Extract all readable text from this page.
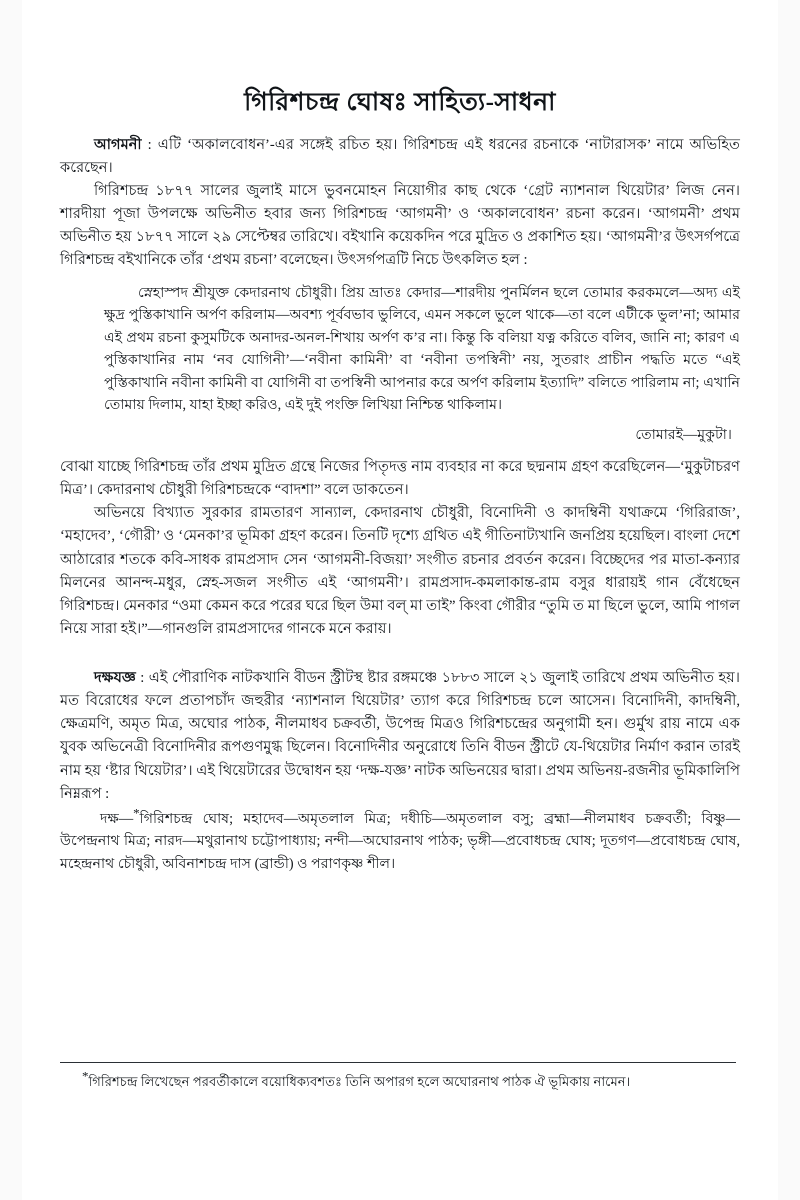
গিরিশচন্দ্র ঘোষঃ সাহিত্য-সাধনা

আগমনী : এটি ‘অকালবোধন’-এর সঙ্গেই রচিত হয়। গিরিশচন্দ্র এই ধরনের রচনাকে ‘নাটারাসক’ নামে অভিহিত করেছেন।

গিরিশচন্দ্র ১৮৭৭ সালের জুলাই মাসে ভুবনমোহন নিয়োগীর কাছ থেকে ‘গ্রেট ন্যাশনাল থিয়েটার’ লিজ নেন। শারদীয়া পূজা উপলক্ষে অভিনীত হবার জন্য গিরিশচন্দ্র ‘আগমনী’ ও ‘অকালবোধন’ রচনা করেন। ‘আগমনী’ প্রথম অভিনীত হয় ১৮৭৭ সালে ২৯ সেপ্টেম্বর তারিখে। বইখানি কয়েকদিন পরে মুদ্রিত ও প্রকাশিত হয়। ‘আগমনী’র উৎসর্গপত্রে গিরিশচন্দ্র বইখানিকে তাঁর ‘প্রথম রচনা’ বলেছেন। উৎসর্গপত্রটি নিচে উৎকলিত হল :

স্নেহাস্পদ শ্রীযুক্ত কেদারনাথ চৌধুরী। প্রিয় ভ্রাতঃ কেদার—শারদীয় পুনর্মিলন ছলে তোমার করকমলে—অদ্য এই ক্ষুদ্র পুস্তিকাখানি অর্পণ করিলাম—অবশ্য পূর্ববভাব ভুলিবে, এমন সকলে ভুলে থাকে—তা বলে এটীকে ভুল’না; আমার এই প্রথম রচনা কুসুমটিকে অনাদর-অনল-শিখায় অর্পণ ক’র না। কিন্তু কি বলিয়া যত্ন করিতে বলিব, জানি না; কারণ এ পুস্তিকাখানির নাম ‘নব যোগিনী’—‘নবীনা কামিনী’ বা ‘নবীনা তপস্বিনী’ নয়, সুতরাং প্রাচীন পদ্ধতি মতে “এই পুস্তিকাখানি নবীনা কামিনী বা যোগিনী বা তপস্বিনী আপনার করে অর্পণ করিলাম ইত্যাদি” বলিতে পারিলাম না; এখানি তোমায় দিলাম, যাহা ইচ্ছা করিও, এই দুই পংক্তি লিখিয়া নিশ্চিন্ত থাকিলাম।

তোমারই—মুকুটা।

বোঝা যাচ্ছে গিরিশচন্দ্র তাঁর প্রথম মুদ্রিত গ্রন্থে নিজের পিতৃদত্ত নাম ব্যবহার না করে ছদ্মনাম গ্রহণ করেছিলেন—‘মুকুটাচরণ মিত্র’। কেদারনাথ চৌধুরী গিরিশচন্দ্রকে “বাদশা” বলে ডাকতেন।

অভিনয়ে বিখ্যাত সুরকার রামতারণ সান্যাল, কেদারনাথ চৌধুরী, বিনোদিনী ও কাদম্বিনী যথাক্রমে ‘গিরিরাজ’, ‘মহাদেব’, ‘গৌরী’ ও ‘মেনকা’র ভূমিকা গ্রহণ করেন। তিনটি দৃশ্যে গ্রথিত এই গীতিনাট্যখানি জনপ্রিয় হয়েছিল। বাংলা দেশে আঠারোর শতকে কবি-সাধক রামপ্রসাদ সেন ‘আগমনী-বিজয়া’ সংগীত রচনার প্রবর্তন করেন। বিচ্ছেদের পর মাতা-কন্যার মিলনের আনন্দ-মধুর, স্নেহ-সজল সংগীত এই ‘আগমনী’। রামপ্রসাদ-কমলাকান্ত-রাম বসুর ধারায়ই গান বেঁধেছেন গিরিশচন্দ্র। মেনকার “ওমা কেমন করে পরের ঘরে ছিল উমা বল্ মা তাই” কিংবা গৌরীর “তুমি ত মা ছিলে ভুলে, আমি পাগল নিয়ে সারা হই।”—গানগুলি রামপ্রসাদের গানকে মনে করায়।

দক্ষযজ্ঞ : এই পৌরাণিক নাটকখানি বীডন স্ট্রীটস্থ ষ্টার রঙ্গমঞ্চে ১৮৮৩ সালে ২১ জুলাই তারিখে প্রথম অভিনীত হয়। মত বিরোধের ফলে প্রতাপচাঁদ জহুরীর ‘ন্যাশনাল থিয়েটার’ ত্যাগ করে গিরিশচন্দ্র চলে আসেন। বিনোদিনী, কাদম্বিনী, ক্ষেত্রমণি, অমৃত মিত্র, অঘোর পাঠক, নীলমাধব চক্রবর্তী, উপেন্দ্র মিত্রও গিরিশচন্দ্রের অনুগামী হন। গুর্মুখ রায় নামে এক যুবক অভিনেত্রী বিনোদিনীর রূপগুণমুগ্ধ ছিলেন। বিনোদিনীর অনুরোধে তিনি বীডন স্ট্রীটে যে-থিয়েটার নির্মাণ করান তারই নাম হয় ‘ষ্টার থিয়েটার’। এই থিয়েটারের উদ্বোধন হয় ‘দক্ষ-যজ্ঞ’ নাটক অভিনয়ের দ্বারা। প্রথম অভিনয়-রজনীর ভূমিকালিপি নিম্নরূপ :

দক্ষ—*গিরিশচন্দ্র ঘোষ; মহাদেব—অমৃতলাল মিত্র; দধীচি—অমৃতলাল বসু; ব্রহ্মা—নীলমাধব চক্রবর্তী; বিষ্ণু—উপেন্দ্রনাথ মিত্র; নারদ—মথুরানাথ চট্টোপাধ্যায়; নন্দী—অঘোরনাথ পাঠক; ভৃঙ্গী—প্রবোধচন্দ্র ঘোষ; দূতগণ—প্রবোধচন্দ্র ঘোষ, মহেন্দ্রনাথ চৌধুরী, অবিনাশচন্দ্র দাস (ব্রান্ডী) ও পরাণকৃষ্ণ শীল।

*গিরিশচন্দ্র লিখেছেন পরবর্তীকালে বয়োধিক্যবশতঃ তিনি অপারগ হলে অঘোরনাথ পাঠক ঐ ভূমিকায় নামেন।
